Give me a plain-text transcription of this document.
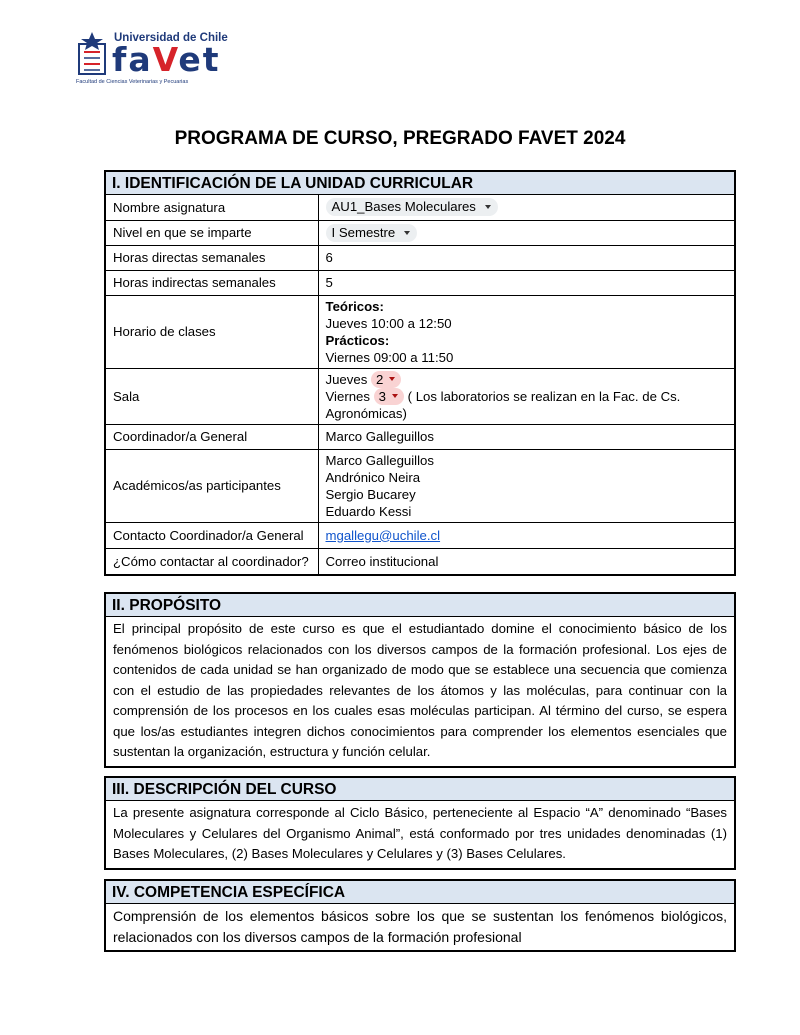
Universidad de Chile
faVet
Facultad de Ciencias Veterinarias y Pecuarias
PROGRAMA DE CURSO, PREGRADO FAVET 2024
I. IDENTIFICACIÓN DE LA UNIDAD CURRICULAR
Nombre asignatura	AU1_Bases Moleculares

Nivel en que se imparte	I Semestre

Horas directas semanales	6
Horas indirectas semanales	5
Horario de clases	Teóricos:
Jueves 10:00 a 12:50
Prácticos:
Viernes 09:00 a 11:50

Sala	Jueves 2
Viernes 3 ( Los laboratorios se realizan en la Fac. de Cs. Agronómicas)

Coordinador/a General	Marco Galleguillos
Académicos/as participantes	Marco Galleguillos
Andrónico Neira
Sergio Bucarey
Eduardo Kessi

Contacto Coordinador/a General	mgallegu@uchile.cl
¿Cómo contactar al coordinador?	Correo institucional
II. PROPÓSITO
El principal propósito de este curso es que el estudiantado domine el conocimiento básico de los fenómenos biológicos relacionados con los diversos campos de la formación profesional. Los ejes de contenidos de cada unidad se han organizado de modo que se establece una secuencia que comienza con el estudio de las propiedades relevantes de los átomos y las moléculas, para continuar con la comprensión de los procesos en los cuales esas moléculas participan. Al término del curso, se espera que los/as estudiantes integren dichos conocimientos para comprender los elementos esenciales que sustentan la organización, estructura y función celular.
III. DESCRIPCIÓN DEL CURSO
La presente asignatura corresponde al Ciclo Básico, perteneciente al Espacio “A” denominado “Bases Moleculares y Celulares del Organismo Animal”, está conformado por tres unidades denominadas (1) Bases Moleculares, (2) Bases Moleculares y Celulares y (3) Bases Celulares.
IV. COMPETENCIA ESPECÍFICA
Comprensión de los elementos básicos sobre los que se sustentan los fenómenos biológicos, relacionados con los diversos campos de la formación profesional
